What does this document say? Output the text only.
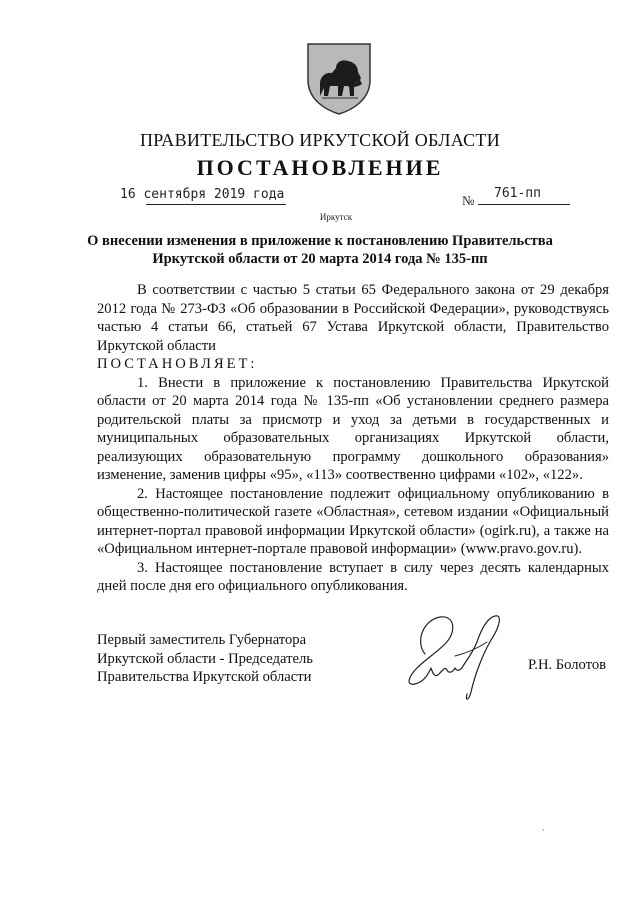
ПРАВИТЕЛЬСТВО ИРКУТСКОЙ ОБЛАСТИ
ПОСТАНОВЛЕНИЕ
16 сентября 2019 года	№ 761-пп
Иркутск
О внесении изменения в приложение к постановлению Правительства Иркутской области от 20 марта 2014 года № 135-пп

В соответствии с частью 5 статьи 65 Федерального закона от 29 декабря 2012 года № 273-ФЗ «Об образовании в Российской Федерации», руководствуясь частью 4 статьи 66, статьей 67 Устава Иркутской области, Правительство Иркутской области

ПОСТАНОВЛЯЕТ:

1. Внести в приложение к постановлению Правительства Иркутской области от 20 марта 2014 года № 135-пп «Об установлении среднего размера родительской платы за присмотр и уход за детьми в государственных и муниципальных образовательных организациях Иркутской области, реализующих образовательную программу дошкольного образования» изменение, заменив цифры «95», «113» соотвественно цифрами «102», «122».

2. Настоящее постановление подлежит официальному опубликованию в общественно-политической газете «Областная», сетевом издании «Официальный интернет-портал правовой информации Иркутской области» (ogirk.ru), а также на «Официальном интернет-портале правовой информации» (www.pravo.gov.ru).

3. Настоящее постановление вступает в силу через десять календарных дней после дня его официального опубликования.

Первый заместитель Губернатора
Иркутской области - Председатель
Правительства Иркутской области
Р.Н. Болотов
